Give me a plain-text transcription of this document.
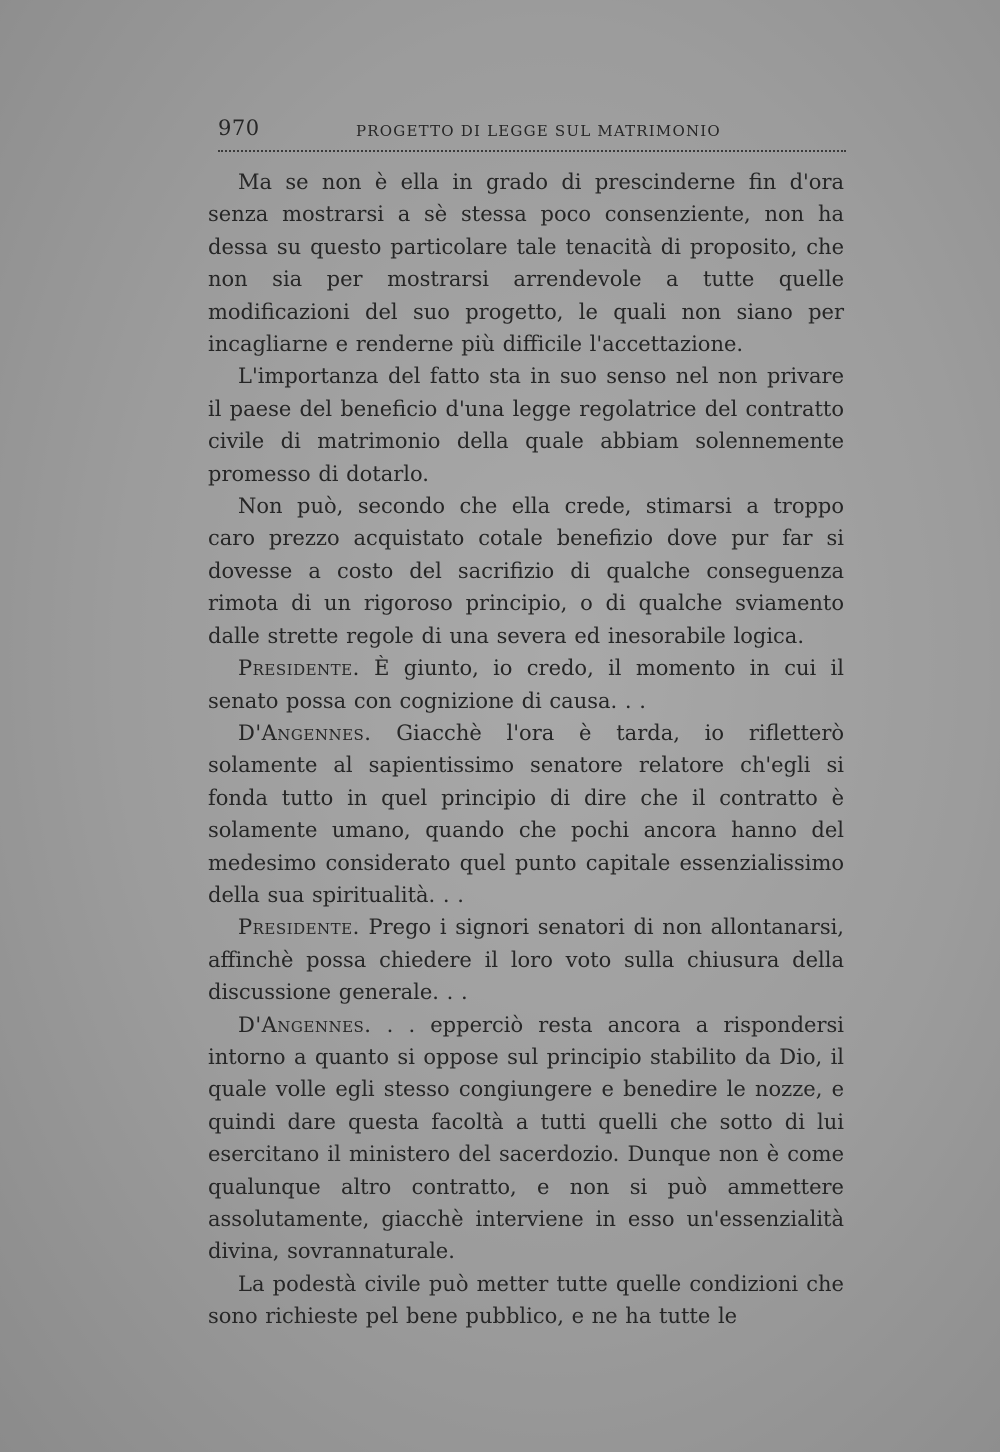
970	PROGETTO DI LEGGE SUL MATRIMONIO

Ma se non è ella in grado di prescinderne fin d'ora senza mostrarsi a sè stessa poco consenziente, non ha dessa su questo particolare tale tenacità di proposito, che non sia per mostrarsi arrendevole a tutte quelle modificazioni del suo progetto, le quali non siano per incagliarne e renderne più difficile l'accettazione.

L'importanza del fatto sta in suo senso nel non privare il paese del beneficio d'una legge regolatrice del contratto civile di matrimonio della quale abbiam solennemente promesso di dotarlo.

Non può, secondo che ella crede, stimarsi a troppo caro prezzo acquistato cotale benefizio dove pur far si dovesse a costo del sacrifizio di qualche conseguenza rimota di un rigoroso principio, o di qualche sviamento dalle strette regole di una severa ed inesorabile logica.

Presidente. È giunto, io credo, il momento in cui il senato possa con cognizione di causa. . .

D'Angennes. Giacchè l'ora è tarda, io rifletterò solamente al sapientissimo senatore relatore ch'egli si fonda tutto in quel principio di dire che il contratto è solamente umano, quando che pochi ancora hanno del medesimo considerato quel punto capitale essenzialissimo della sua spiritualità. . .

Presidente. Prego i signori senatori di non allontanarsi, affinchè possa chiedere il loro voto sulla chiusura della discussione generale. . .

D'Angennes. . . epperciò resta ancora a rispondersi intorno a quanto si oppose sul principio stabilito da Dio, il quale volle egli stesso congiungere e benedire le nozze, e quindi dare questa facoltà a tutti quelli che sotto di lui esercitano il ministero del sacerdozio. Dunque non è come qualunque altro contratto, e non si può ammettere assolutamente, giacchè interviene in esso un'essenzialità divina, sovrannaturale.

La podestà civile può metter tutte quelle condizioni che sono richieste pel bene pubblico, e ne ha tutte le
